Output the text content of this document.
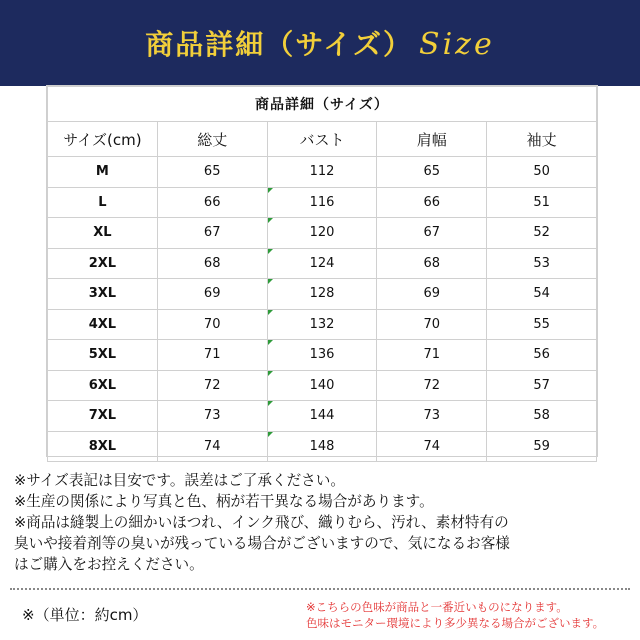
商品詳細（サイズ） Size
商品詳細（サイズ）				
サイズ(cm)	総丈	バスト	肩幅	袖丈
M	65	112	65	50
L	66	116	66	51
XL	67	120	67	52
2XL	68	124	68	53
3XL	69	128	69	54
4XL	70	132	70	55
5XL	71	136	71	56
6XL	72	140	72	57
7XL	73	144	73	58
8XL	74	148	74	59
※サイズ表記は目安です。誤差はご了承ください。
※生産の関係により写真と色、柄が若干異なる場合があります。
※商品は縫製上の細かいほつれ、インク飛び、織りむら、汚れ、素材特有の
臭いや接着剤等の臭いが残っている場合がございますので、気になるお客様
はご購入をお控えください。
※（単位：約cm）	※こちらの色味が商品と一番近いものになります。
色味はモニター環境により多少異なる場合がございます。
